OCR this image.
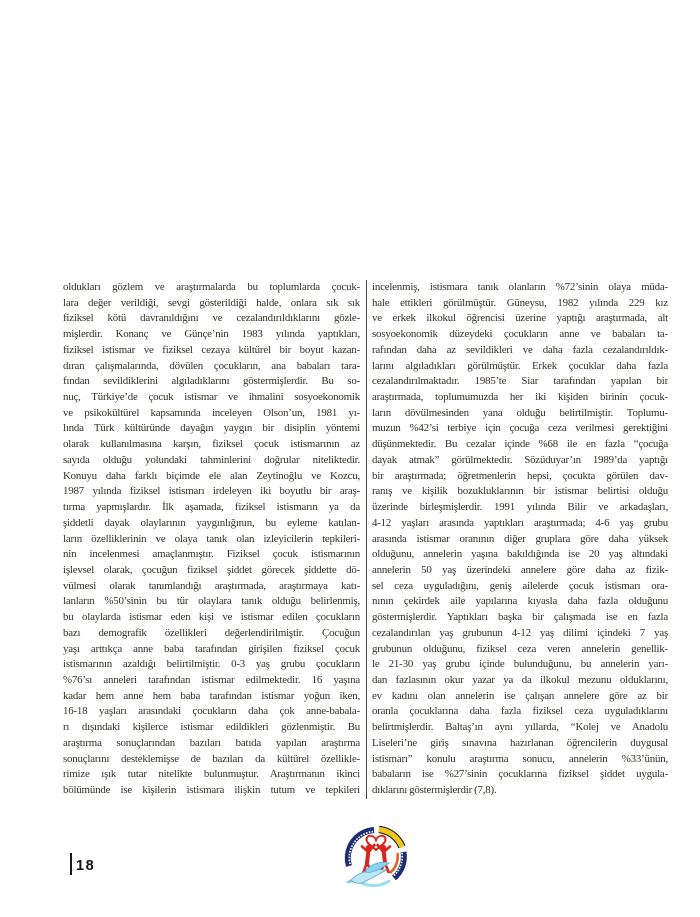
oldukları gözlem ve araştırmalarda bu toplumlarda çocuk-
lara değer verildiği, sevgi gösterildiği halde, onlara sık sık
fiziksel kötü davranıldığını ve cezalandırıldıklarını gözle-
mişlerdir. Konanç ve Günçe’nin 1983 yılında yaptıkları,
fiziksel istismar ve fiziksel cezaya kültürel bir boyut kazan-
dıran çalışmalarında, dövülen çocukların, ana babaları tara-
fından sevildiklerini algıladıklarını göstermişlerdir. Bu so-
nuç, Türkiye’de çocuk istismar ve ihmalini sosyoekonomik
ve psikokültürel kapsamında inceleyen Olson’un, 1981 yı-
lında Türk kültüründe dayağın yaygın bir disiplin yöntemi
olarak kullanılmasına karşın, fiziksel çocuk istismarının az
sayıda olduğu yolundaki tahminlerini doğrular niteliktedir.
Konuyu daha farklı biçimde ele alan Zeytinoğlu ve Kozcu,
1987 yılında fiziksel istismarı irdeleyen iki boyutlu bir araş-
tırma yapmışlardır. İlk aşamada, fiziksel istismarın ya da
şiddetli dayak olaylarının yaygınlığının, bu eyleme katılan-
ların özelliklerinin ve olaya tanık olan izleyicilerin tepkileri-
nin incelenmesi amaçlanmıştır. Fiziksel çocuk istismarının
işlevsel olarak, çocuğun fiziksel şiddet görecek şiddette dö-
vülmesi olarak tanımlandığı araştırmada, araştırmaya katı-
lanların %50’sinin bu tür olaylara tanık olduğu belirlenmiş,
bu olaylarda istismar eden kişi ve istismar edilen çocukların
bazı demografik özellikleri değerlendirilmiştir. Çocuğun
yaşı arttıkça anne baba tarafından girişilen fiziksel çocuk
istismarının azaldığı belirtilmiştir. 0-3 yaş grubu çocukların
%76’sı anneleri tarafından istismar edilmektedir. 16 yaşına
kadar hem anne hem baba tarafından istismar yoğun iken,
16-18 yaşları arasındaki çocukların daha çok anne-babala-
rı dışındaki kişilerce istismar edildikleri gözlenmiştir. Bu
araştırma sonuçlarından bazıları batıda yapılan araştırma
sonuçlarını desteklemişse de bazıları da kültürel özellikle-
rimize ışık tutar nitelikte bulunmuştur. Araştırmanın ikinci
bölümünde ise kişilerin istismara ilişkin tutum ve tepkileri
incelenmiş, istismara tanık olanların %72’sinin olaya müda-
hale ettikleri görülmüştür. Güneysu, 1982 yılında 229 kız
ve erkek ilkokul öğrencisi üzerine yaptığı araştırmada, alt
sosyoekonomik düzeydeki çocukların anne ve babaları ta-
rafından daha az sevildikleri ve daha fazla cezalandırıldık-
larını algıladıkları görülmüştür. Erkek çocuklar daha fazla
cezalandırılmaktadır. 1985’te Siar tarafından yapılan bir
araştırmada, toplumumuzda her iki kişiden birinin çocuk-
ların dövülmesinden yana olduğu belirtilmiştir. Toplumu-
muzun %42’si terbiye için çocuğa ceza verilmesi gerektiğini
düşünmektedir. Bu cezalar içinde %68 ile en fazla “çocuğa
dayak atmak” görülmektedir. Sözüduyar’ın 1989’da yaptığı
bir araştırmada; öğretmenlerin hepsi, çocukta görülen dav-
ranış ve kişilik bozukluklarının bir istismar belirtisi olduğu
üzerinde birleşmişlerdir. 1991 yılında Bilir ve arkadaşları,
4-12 yaşları arasında yaptıkları araştırmada; 4-6 yaş grubu
arasında istismar oranının diğer gruplara göre daha yüksek
olduğunu, annelerin yaşına bakıldığında ise 20 yaş altındaki
annelerin 50 yaş üzerindeki annelere göre daha az fizik-
sel ceza uyguladığını, geniş ailelerde çocuk istismarı ora-
nının çekirdek aile yapılarına kıyasla daha fazla olduğunu
göstermişlerdir. Yaptıkları başka bir çalışmada ise en fazla
cezalandırılan yaş grubunun 4-12 yaş dilimi içindeki 7 yaş
grubunun olduğunu, fiziksel ceza veren annelerin genellik-
le 21-30 yaş grubu içinde bulunduğunu, bu annelerin yarı-
dan fazlasının okur yazar ya da ilkokul mezunu olduklarını,
ev kadını olan annelerin ise çalışan annelere göre az bir
oranla çocuklarına daha fazla fiziksel ceza uyguladıklarını
belirtmişlerdir. Baltaş’ın aynı yıllarda, “Kolej ve Anadolu
Liseleri’ne giriş sınavına hazırlanan öğrencilerin duygusal
istismarı” konulu araştırma sonucu, annelerin %33’ünün,
babaların ise %27’sinin çocuklarına fiziksel şiddet uygula-
dıklarını göstermişlerdir (7,8).
18
